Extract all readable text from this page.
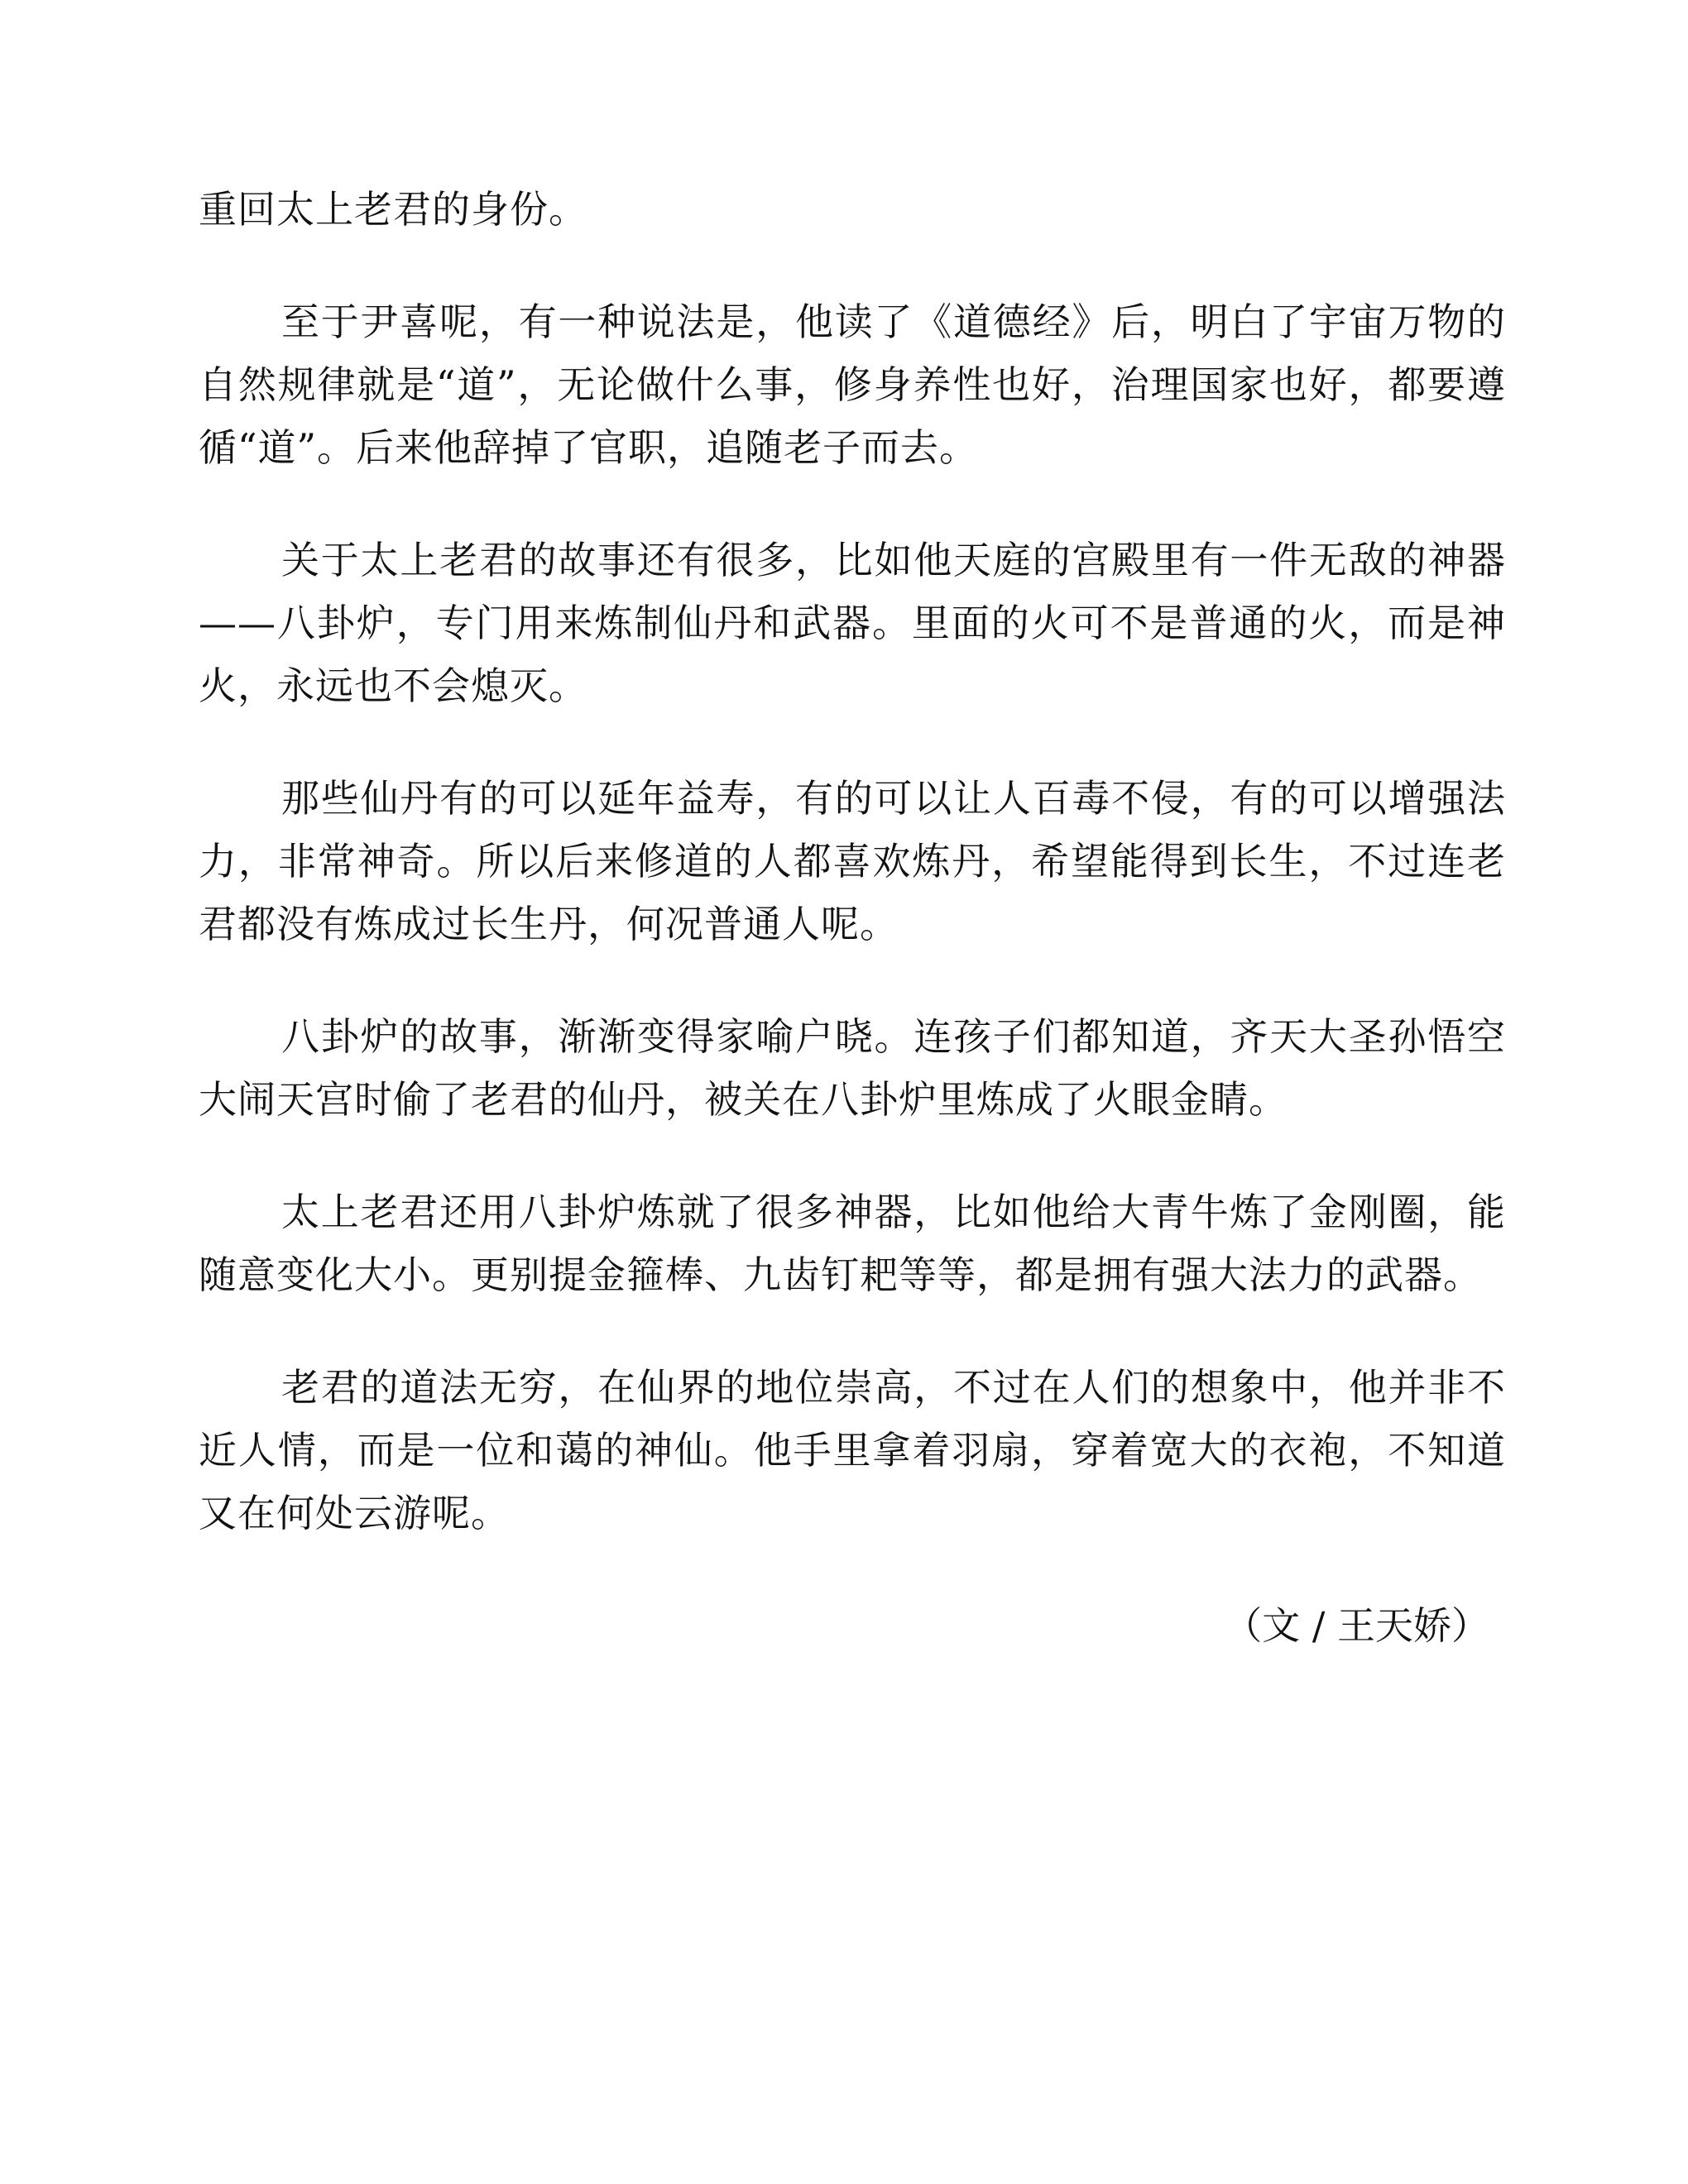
重回太上老君的身份。

至于尹喜呢，有一种说法是，他读了《道德经》后，明白了宇宙万物的自然规律就是“道”，无论做什么事，修身养性也好，治理国家也好，都要遵循“道”。后来他辞掉了官职，追随老子而去。

关于太上老君的故事还有很多，比如他天庭的宫殿里有一件无敌的神器——八卦炉，专门用来炼制仙丹和武器。里面的火可不是普通的火，而是神火，永远也不会熄灭。

那些仙丹有的可以延年益寿，有的可以让人百毒不侵，有的可以增强法力，非常神奇。所以后来修道的人都喜欢炼丹，希望能得到长生，不过连老君都没有炼成过长生丹，何况普通人呢。

八卦炉的故事，渐渐变得家喻户晓。连孩子们都知道，齐天大圣孙悟空大闹天宫时偷了老君的仙丹，被关在八卦炉里炼成了火眼金睛。

太上老君还用八卦炉炼就了很多神器，比如他给大青牛炼了金刚圈，能随意变化大小。更别提金箍棒、九齿钉耙等等，都是拥有强大法力的武器。

老君的道法无穷，在仙界的地位崇高，不过在人们的想象中，他并非不近人情，而是一位和蔼的神仙。他手里拿着羽扇，穿着宽大的衣袍，不知道又在何处云游呢。

（文 / 王天娇）
